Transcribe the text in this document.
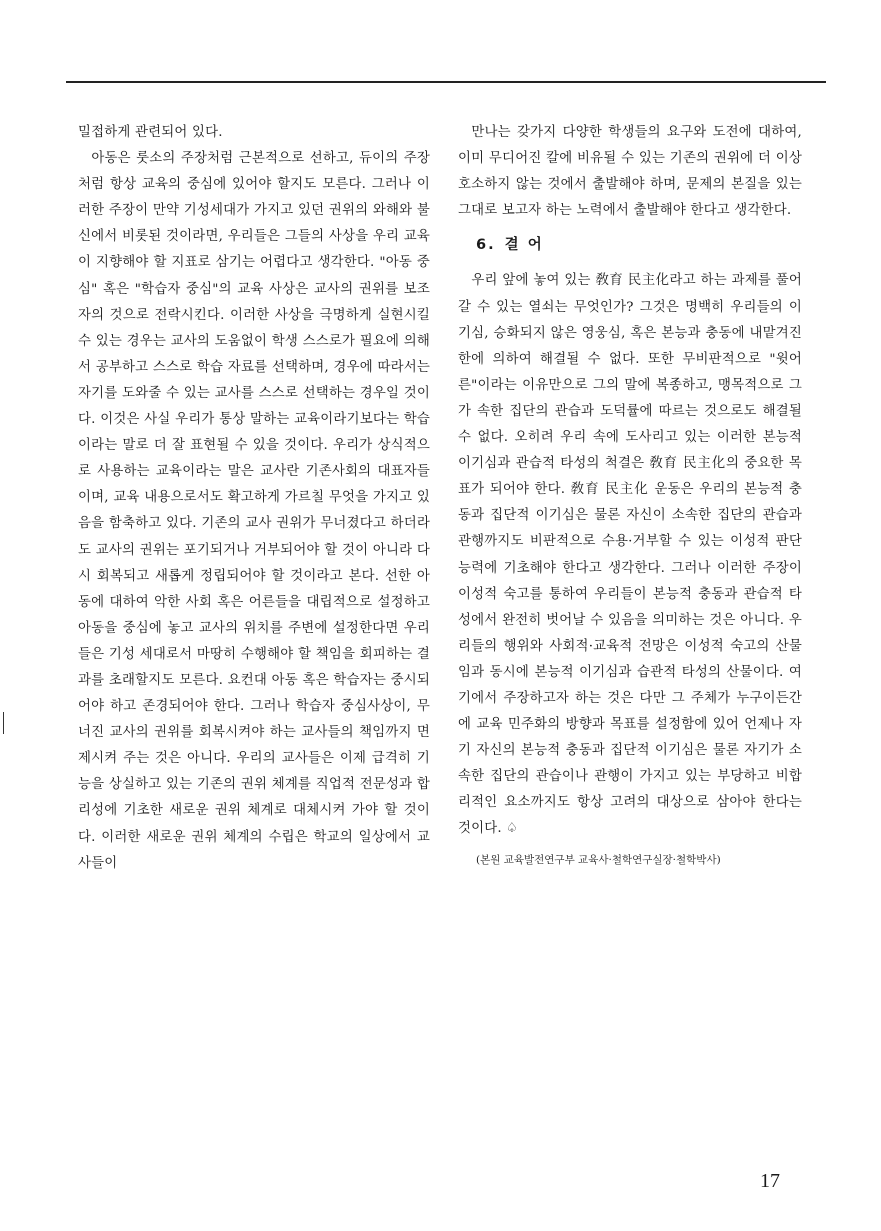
밀접하게 관련되어 있다.

아동은 룻소의 주장처럼 근본적으로 선하고, 듀이의 주장처럼 항상 교육의 중심에 있어야 할지도 모른다. 그러나 이러한 주장이 만약 기성세대가 가지고 있던 권위의 와해와 불신에서 비롯된 것이라면, 우리들은 그들의 사상을 우리 교육이 지향해야 할 지표로 삼기는 어렵다고 생각한다. "아동 중심" 혹은 "학습자 중심"의 교육 사상은 교사의 권위를 보조자의 것으로 전락시킨다. 이러한 사상을 극명하게 실현시킬 수 있는 경우는 교사의 도움없이 학생 스스로가 필요에 의해서 공부하고 스스로 학습 자료를 선택하며, 경우에 따라서는 자기를 도와줄 수 있는 교사를 스스로 선택하는 경우일 것이다. 이것은 사실 우리가 통상 말하는 교육이라기보다는 학습이라는 말로 더 잘 표현될 수 있을 것이다. 우리가 상식적으로 사용하는 교육이라는 말은 교사란 기존사회의 대표자들이며, 교육 내용으로서도 확고하게 가르칠 무엇을 가지고 있음을 함축하고 있다. 기존의 교사 권위가 무너졌다고 하더라도 교사의 권위는 포기되거나 거부되어야 할 것이 아니라 다시 회복되고 새롭게 정립되어야 할 것이라고 본다. 선한 아동에 대하여 악한 사회 혹은 어른들을 대립적으로 설정하고 아동을 중심에 놓고 교사의 위치를 주변에 설정한다면 우리들은 기성 세대로서 마땅히 수행해야 할 책임을 회피하는 결과를 초래할지도 모른다. 요컨대 아동 혹은 학습자는 중시되어야 하고 존경되어야 한다. 그러나 학습자 중심사상이, 무너진 교사의 권위를 회복시켜야 하는 교사들의 책임까지 면제시켜 주는 것은 아니다. 우리의 교사들은 이제 급격히 기능을 상실하고 있는 기존의 권위 체계를 직업적 전문성과 합리성에 기초한 새로운 권위 체계로 대체시켜 가야 할 것이다. 이러한 새로운 권위 체계의 수립은 학교의 일상에서 교사들이

만나는 갖가지 다양한 학생들의 요구와 도전에 대하여, 이미 무디어진 칼에 비유될 수 있는 기존의 권위에 더 이상 호소하지 않는 것에서 출발해야 하며, 문제의 본질을 있는 그대로 보고자 하는 노력에서 출발해야 한다고 생각한다.

6. 결 어

우리 앞에 놓여 있는 敎育 民主化라고 하는 과제를 풀어갈 수 있는 열쇠는 무엇인가? 그것은 명백히 우리들의 이기심, 승화되지 않은 영웅심, 혹은 본능과 충동에 내맡겨진 한에 의하여 해결될 수 없다. 또한 무비판적으로 "윗어른"이라는 이유만으로 그의 말에 복종하고, 맹목적으로 그가 속한 집단의 관습과 도덕률에 따르는 것으로도 해결될 수 없다. 오히려 우리 속에 도사리고 있는 이러한 본능적 이기심과 관습적 타성의 척결은 敎育 民主化의 중요한 목표가 되어야 한다. 敎育 民主化 운동은 우리의 본능적 충동과 집단적 이기심은 물론 자신이 소속한 집단의 관습과 관행까지도 비판적으로 수용·거부할 수 있는 이성적 판단 능력에 기초해야 한다고 생각한다. 그러나 이러한 주장이 이성적 숙고를 통하여 우리들이 본능적 충동과 관습적 타성에서 완전히 벗어날 수 있음을 의미하는 것은 아니다. 우리들의 행위와 사회적·교육적 전망은 이성적 숙고의 산물임과 동시에 본능적 이기심과 습관적 타성의 산물이다. 여기에서 주장하고자 하는 것은 다만 그 주체가 누구이든간에 교육 민주화의 방향과 목표를 설정함에 있어 언제나 자기 자신의 본능적 충동과 집단적 이기심은 물론 자기가 소속한 집단의 관습이나 관행이 가지고 있는 부당하고 비합리적인 요소까지도 항상 고려의 대상으로 삼아야 한다는 것이다. ♤

(본원 교육발전연구부 교육사·철학연구실장·철학박사)
17
